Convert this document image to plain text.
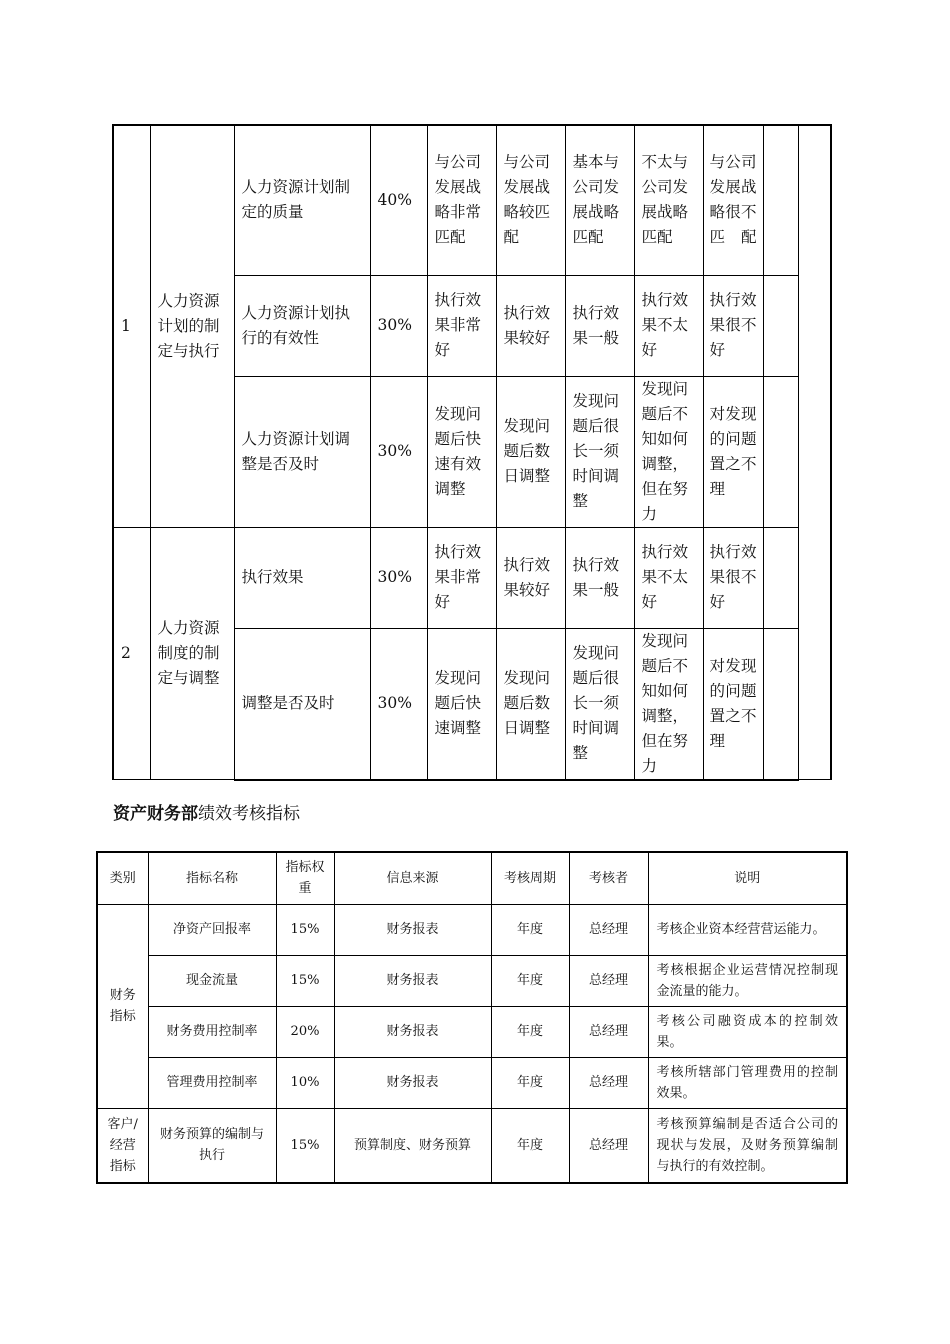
1	人力资源计划的制定与执行	人力资源计划制定的质量	40%	与公司发展战略非常匹配	与公司发展战略较匹配	基本与公司发展战略匹配	不太与公司发展战略匹配	与公司发展战略很不匹配		
		人力资源计划执行的有效性	30%	执行效果非常好	执行效果较好	执行效果一般	执行效果不太好	执行效果很不好		
		人力资源计划调整是否及时	30%	发现问题后快速有效调整	发现问题后数日调整	发现问题后很长一须时间调整	发现问题后不知如何调整，但在努力	对发现的问题置之不理		
2	人力资源制度的制定与调整	执行效果	30%	执行效果非常好	执行效果较好	执行效果一般	执行效果不太好	执行效果很不好		
		调整是否及时	30%	发现问题后快速调整	发现问题后数日调整	发现问题后很长一须时间调整	发现问题后不知如何调整，但在努力	对发现的问题置之不理		
资产财务部绩效考核指标
类别	指标名称	指标权重	信息来源	考核周期	考核者	说明
财务指标	净资产回报率	15%	财务报表	年度	总经理	考核企业资本经营营运能力。

	现金流量	15%	财务报表	年度	总经理	考核根据企业运营情况控制现金流量的能力。

	财务费用控制率	20%	财务报表	年度	总经理	考核公司融资成本的控制效果。

	管理费用控制率	10%	财务报表	年度	总经理	考核所辖部门管理费用的控制效果。

客户/经营指标	财务预算的编制与执行	15%	预算制度、财务预算	年度	总经理	考核预算编制是否适合公司的现状与发展，及财务预算编制与执行的有效控制。
